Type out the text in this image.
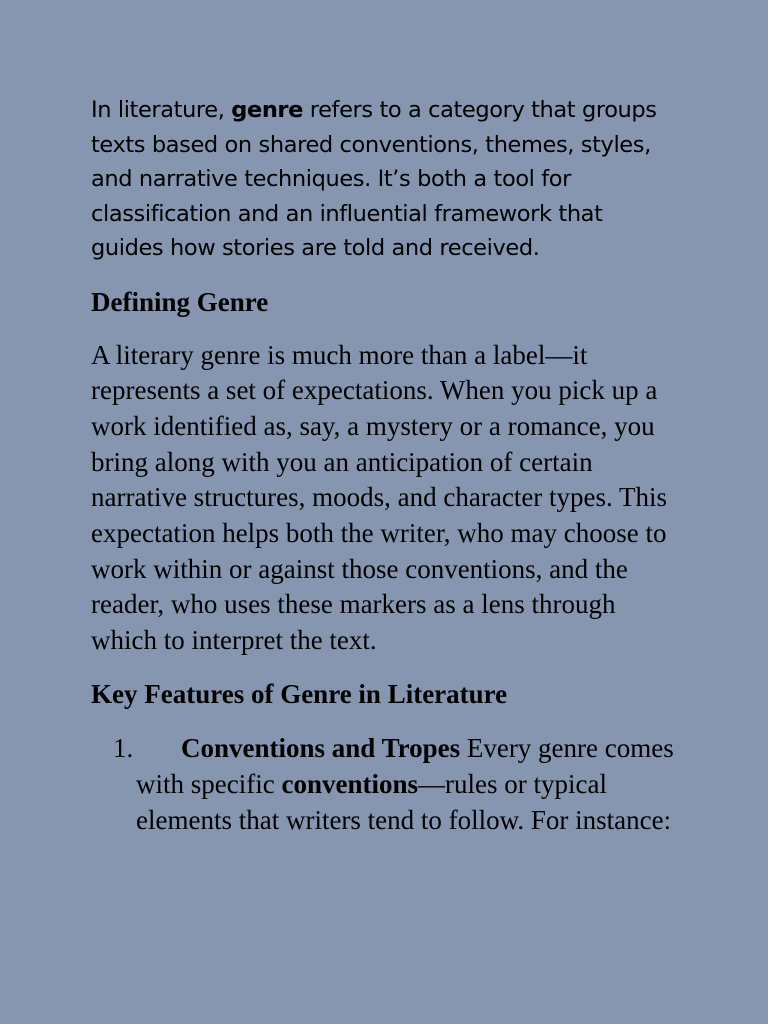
In literature, genre refers to a category that groups texts based on shared conventions, themes, styles, and narrative techniques. It’s both a tool for classification and an influential framework that guides how stories are told and received.

Defining Genre

A literary genre is much more than a label—it represents a set of expectations. When you pick up a work identified as, say, a mystery or a romance, you bring along with you an anticipation of certain narrative structures, moods, and character types. This expectation helps both the writer, who may choose to work within or against those conventions, and the reader, who uses these markers as a lens through which to interpret the text.

Key Features of Genre in Literature
1. Conventions and Tropes Every genre comes with specific conventions—rules or typical elements that writers tend to follow. For instance:
